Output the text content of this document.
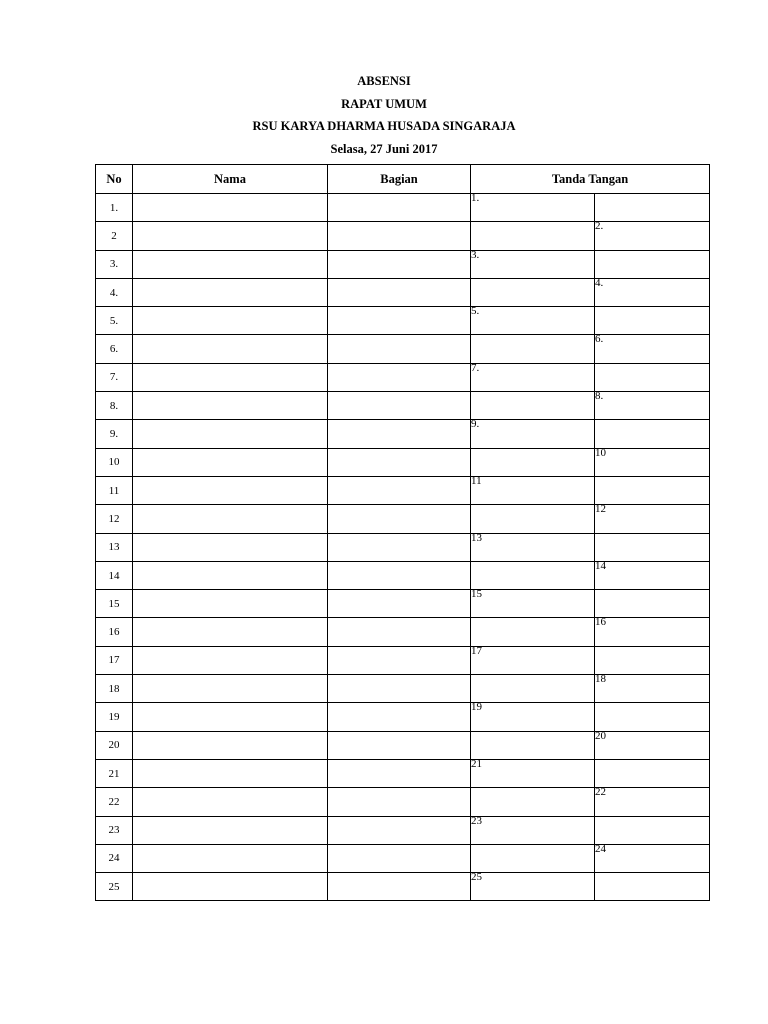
ABSENSI
RAPAT UMUM
RSU KARYA DHARMA HUSADA SINGARAJA
Selasa, 27 Juni 2017
No	Nama	Bagian	Tanda Tangan	
1.			1.	

2				2.

3.			3.	

4.				4.

5.			5.	

6.				6.

7.			7.	

8.				8.

9.			9.	

10				10

11			11	

12				12

13			13	

14				14

15			15	

16				16

17			17	

18				18

19			19	

20				20

21			21	

22				22

23			23	

24				24

25			25	
